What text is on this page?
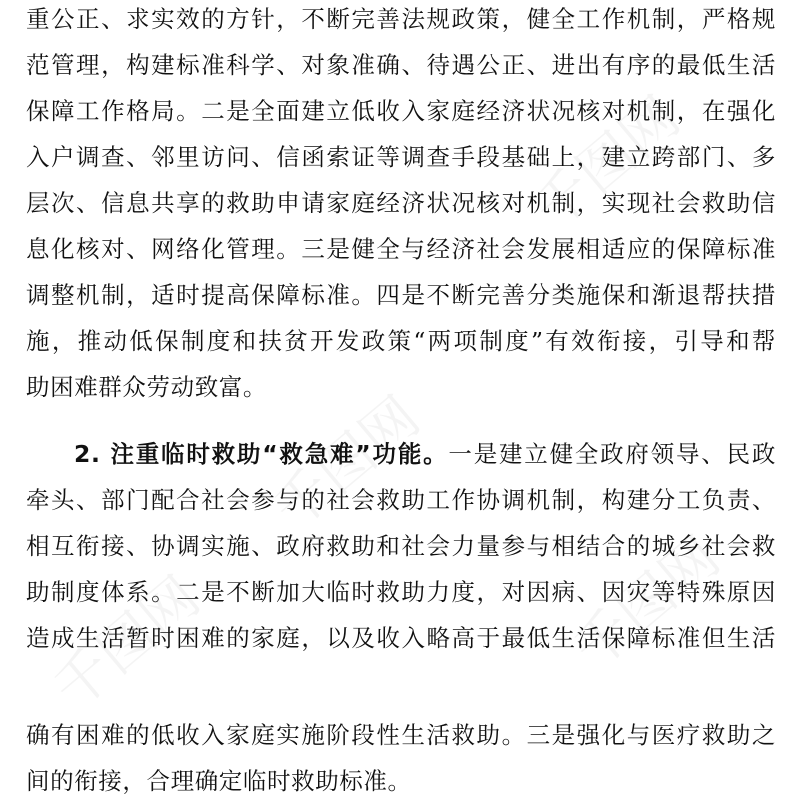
重公正、求实效的方针，不断完善法规政策，健全工作机制，严格规
范管理，构建标准科学、对象准确、待遇公正、进出有序的最低生活
保障工作格局。二是全面建立低收入家庭经济状况核对机制，在强化
入户调查、邻里访问、信函索证等调查手段基础上，建立跨部门、多
层次、信息共享的救助申请家庭经济状况核对机制，实现社会救助信
息化核对、网络化管理。三是健全与经济社会发展相适应的保障标准
调整机制，适时提高保障标准。四是不断完善分类施保和渐退帮扶措
施，推动低保制度和扶贫开发政策“两项制度”有效衔接，引导和帮
助困难群众劳动致富。
2. 注重临时救助“救急难”功能。一是建立健全政府领导、民政
牵头、部门配合社会参与的社会救助工作协调机制，构建分工负责、
相互衔接、协调实施、政府救助和社会力量参与相结合的城乡社会救
助制度体系。二是不断加大临时救助力度，对因病、因灾等特殊原因
造成生活暂时困难的家庭，以及收入略高于最低生活保障标准但生活
确有困难的低收入家庭实施阶段性生活救助。三是强化与医疗救助之
间的衔接，合理确定临时救助标准。
